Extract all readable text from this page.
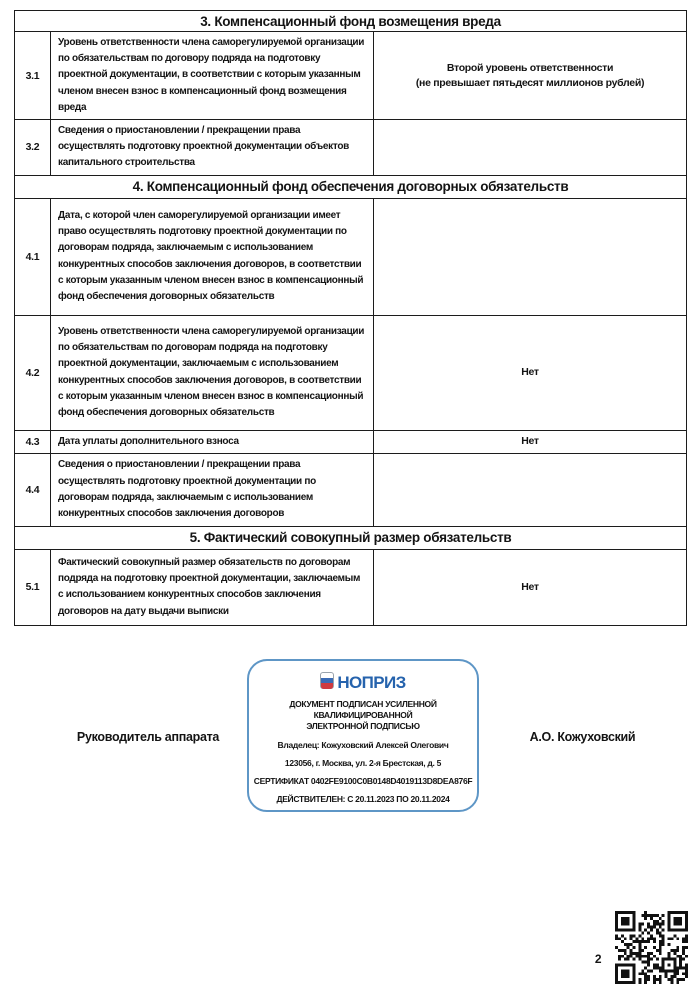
3. Компенсационный фонд возмещения вреда		
3.1	Уровень ответственности члена саморегулируемой организации по обязательствам по договору подряда на подготовку проектной документации, в соответствии с которым указанным членом внесен взнос в компенсационный фонд возмещения вреда	Второй уровень ответственности
(не превышает пятьдесят миллионов рублей)

3.2	Сведения о приостановлении / прекращении права осуществлять подготовку проектной документации объектов капитального строительства	
4. Компенсационный фонд обеспечения договорных обязательств		
4.1	Дата, с которой член саморегулируемой организации имеет право осуществлять подготовку проектной документации по договорам подряда, заключаемым с использованием конкурентных способов заключения договоров, в соответствии с которым указанным членом внесен взнос в компенсационный фонд обеспечения договорных обязательств	
4.2	Уровень ответственности члена саморегулируемой организации по обязательствам по договорам подряда на подготовку проектной документации, заключаемым с использованием конкурентных способов заключения договоров, в соответствии с которым указанным членом внесен взнос в компенсационный фонд обеспечения договорных обязательств	Нет
4.3	Дата уплаты дополнительного взноса	Нет
4.4	Сведения о приостановлении / прекращении права осуществлять подготовку проектной документации по договорам подряда, заключаемым с использованием конкурентных способов заключения договоров	
5. Фактический совокупный размер обязательств		
5.1	Фактический совокупный размер обязательств по договорам подряда на подготовку проектной документации, заключаемым с использованием конкурентных способов заключения договоров на дату выдачи выписки	Нет
Руководитель аппарата	А.О. Кожуховский
НОПРИЗ
ДОКУМЕНТ ПОДПИСАН УСИЛЕННОЙ КВАЛИФИЦИРОВАННОЙ
ЭЛЕКТРОННОЙ ПОДПИСЬЮ
Владелец: Кожуховский Алексей Олегович
123056, г. Москва, ул. 2-я Брестская, д. 5
СЕРТИФИКАТ 0402FE9100C0B0148D4019113D8DEA876F
ДЕЙСТВИТЕЛЕН: С 20.11.2023 ПО 20.11.2024
2
